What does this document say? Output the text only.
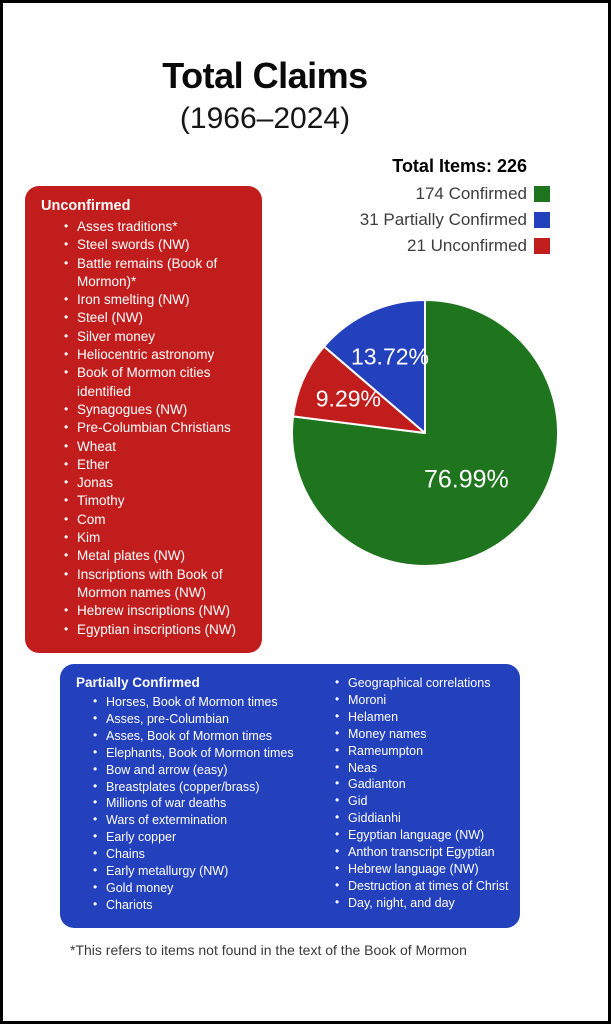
Total Claims
(1966–2024)
Total Items: 226
174 Confirmed
31 Partially Confirmed
21 Unconfirmed
Unconfirmed
• Asses traditions*
• Steel swords (NW)
• Battle remains (Book of Mormon)*
• Iron smelting (NW)
• Steel (NW)
• Silver money
• Heliocentric astronomy
• Book of Mormon cities identified
• Synagogues (NW)
• Pre-Columbian Christians
• Wheat
• Ether
• Jonas
• Timothy
• Com
• Kim
• Metal plates (NW)
• Inscriptions with Book of Mormon names (NW)
• Hebrew inscriptions (NW)
• Egyptian inscriptions (NW)
76.99%
9.29%
13.72%
Partially Confirmed
• Horses, Book of Mormon times
• Asses, pre-Columbian
• Asses, Book of Mormon times
• Elephants, Book of Mormon times
• Bow and arrow (easy)
• Breastplates (copper/brass)
• Millions of war deaths
• Wars of extermination
• Early copper
• Chains
• Early metallurgy (NW)
• Gold money
• Chariots
• Geographical correlations
• Moroni
• Helamen
• Money names
• Rameumpton
• Neas
• Gadianton
• Gid
• Giddianhi
• Egyptian language (NW)
• Anthon transcript Egyptian
• Hebrew language (NW)
• Destruction at times of Christ
• Day, night, and day
*This refers to items not found in the text of the Book of Mormon
